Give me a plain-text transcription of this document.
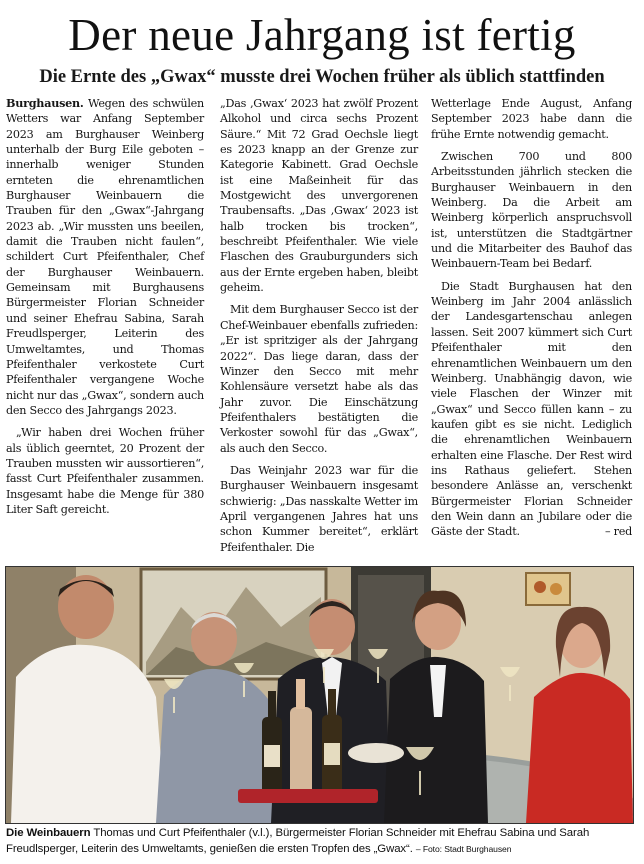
Der neue Jahrgang ist fertig
Die Ernte des „Gwax“ musste drei Wochen früher als üblich stattfinden

Burghausen. Wegen des schwülen Wetters war Anfang September 2023 am Burghauser Weinberg unterhalb der Burg Eile geboten – innerhalb weniger Stunden ernteten die ehrenamtlichen Burghauser Weinbauern die Trauben für den „Gwax“-Jahrgang 2023 ab. „Wir mussten uns beeilen, damit die Trauben nicht faulen“, schildert Curt Pfeifenthaler, Chef der Burghauser Weinbauern. Gemeinsam mit Burghausens Bürgermeister Florian Schneider und seiner Ehefrau Sabina, Sarah Freudlsperger, Leiterin des Umweltamtes, und Thomas Pfeifenthaler verkostete Curt Pfeifenthaler vergangene Woche nicht nur das „Gwax“, sondern auch den Secco des Jahrgangs 2023.

„Wir haben drei Wochen früher als üblich geerntet, 20 Prozent der Trauben mussten wir aussortieren“, fasst Curt Pfeifenthaler zusammen. Insgesamt habe die Menge für 380 Liter Saft gereicht.

„Das ‚Gwax‘ 2023 hat zwölf Prozent Alkohol und circa sechs Prozent Säure.“ Mit 72 Grad Oechsle liegt es 2023 knapp an der Grenze zur Kategorie Kabinett. Grad Oechsle ist eine Maßeinheit für das Mostgewicht des unvergorenen Traubensafts. „Das ‚Gwax‘ 2023 ist halb trocken bis trocken“, beschreibt Pfeifenthaler. Wie viele Flaschen des Grauburgunders sich aus der Ernte ergeben haben, bleibt geheim.

Mit dem Burghauser Secco ist der Chef-Weinbauer ebenfalls zufrieden: „Er ist spritziger als der Jahrgang 2022“. Das liege daran, dass der Winzer den Secco mit mehr Kohlensäure versetzt habe als das Jahr zuvor. Die Einschätzung Pfeifenthalers bestätigten die Verkoster sowohl für das „Gwax“, als auch den Secco.

Das Weinjahr 2023 war für die Burghauser Weinbauern insgesamt schwierig: „Das nasskalte Wetter im April vergangenen Jahres hat uns schon Kummer bereitet“, erklärt Pfeifenthaler. Die

Wetterlage Ende August, Anfang September 2023 habe dann die frühe Ernte notwendig gemacht.

Zwischen 700 und 800 Arbeitsstunden jährlich stecken die Burghauser Weinbauern in den Weinberg. Da die Arbeit am Weinberg körperlich anspruchsvoll ist, unterstützen die Stadtgärtner und die Mitarbeiter des Bauhof das Weinbauern-Team bei Bedarf.

Die Stadt Burghausen hat den Weinberg im Jahr 2004 anlässlich der Landesgartenschau anlegen lassen. Seit 2007 kümmert sich Curt Pfeifenthaler mit den ehrenamtlichen Weinbauern um den Weinberg. Unabhängig davon, wie viele Flaschen der Winzer mit „Gwax“ und Secco füllen kann – zu kaufen gibt es sie nicht. Lediglich die ehrenamtlichen Weinbauern erhalten eine Flasche. Der Rest wird ins Rathaus geliefert. Stehen besondere Anlässe an, verschenkt Bürgermeister Florian Schneider den Wein dann an Jubilare oder die Gäste der Stadt.	– red

Die Weinbauern Thomas und Curt Pfeifenthaler (v.l.), Bürgermeister Florian Schneider mit Ehefrau Sabina und Sarah Freudlsperger, Leiterin des Umweltamts, genießen die ersten Tropfen des „Gwax“. – Foto: Stadt Burghausen
